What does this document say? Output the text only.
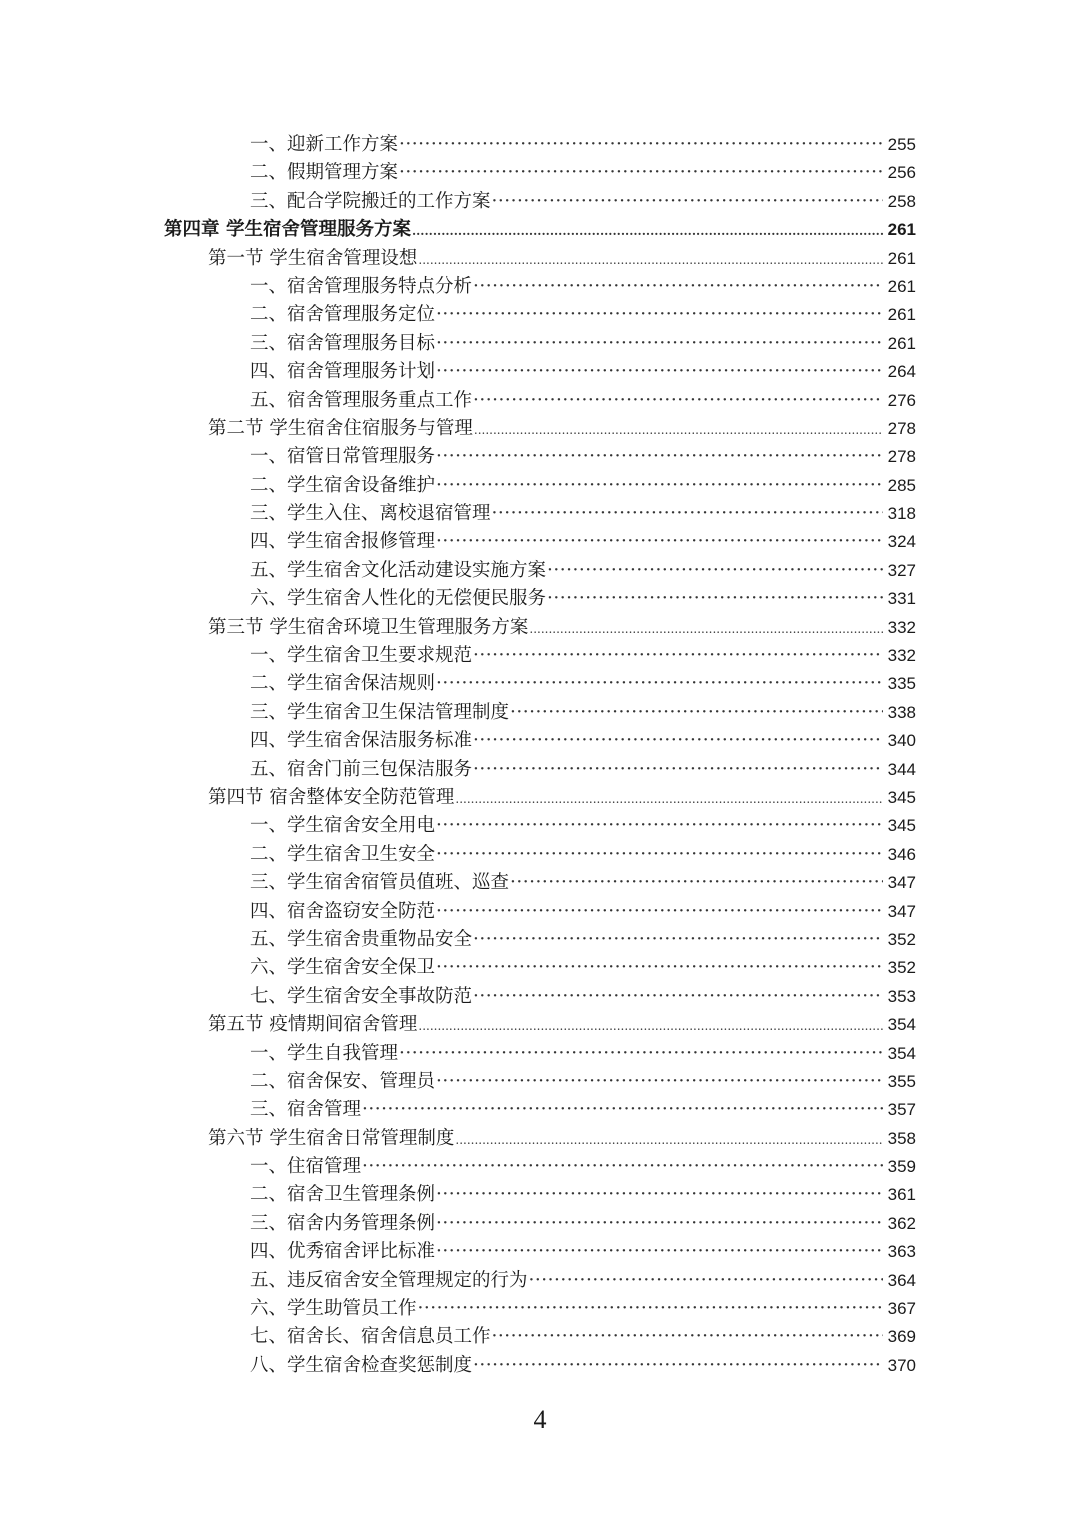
一、迎新工作方案 ·····	255
二、假期管理方案 ·····	256
三、配合学院搬迁的工作方案 ·····	258
第四章 学生宿舍管理服务方案 .....	261
第一节 学生宿舍管理设想 .....	261
一、宿舍管理服务特点分析 ·····	261
二、宿舍管理服务定位 ·····	261
三、宿舍管理服务目标 ·····	261
四、宿舍管理服务计划 ·····	264
五、宿舍管理服务重点工作 ·····	276
第二节 学生宿舍住宿服务与管理 .....	278
一、宿管日常管理服务 ·····	278
二、学生宿舍设备维护 ·····	285
三、学生入住、离校退宿管理 ·····	318
四、学生宿舍报修管理 ·····	324
五、学生宿舍文化活动建设实施方案 ·····	327
六、学生宿舍人性化的无偿便民服务 ·····	331
第三节 学生宿舍环境卫生管理服务方案 .....	332
一、学生宿舍卫生要求规范 ·····	332
二、学生宿舍保洁规则 ·····	335
三、学生宿舍卫生保洁管理制度 ·····	338
四、学生宿舍保洁服务标准 ·····	340
五、宿舍门前三包保洁服务 ·····	344
第四节 宿舍整体安全防范管理 .....	345
一、学生宿舍安全用电 ·····	345
二、学生宿舍卫生安全 ·····	346
三、学生宿舍宿管员值班、巡查 ·····	347
四、宿舍盗窃安全防范 ·····	347
五、学生宿舍贵重物品安全 ·····	352
六、学生宿舍安全保卫 ·····	352
七、学生宿舍安全事故防范 ·····	353
第五节 疫情期间宿舍管理 .....	354
一、学生自我管理 ·····	354
二、宿舍保安、管理员 ·····	355
三、宿舍管理 ·····	357
第六节 学生宿舍日常管理制度 .....	358
一、住宿管理 ·····	359
二、宿舍卫生管理条例 ·····	361
三、宿舍内务管理条例 ·····	362
四、优秀宿舍评比标准 ·····	363
五、违反宿舍安全管理规定的行为 ·····	364
六、学生助管员工作 ·····	367
七、宿舍长、宿舍信息员工作 ·····	369
八、学生宿舍检查奖惩制度 ·····	370
4
